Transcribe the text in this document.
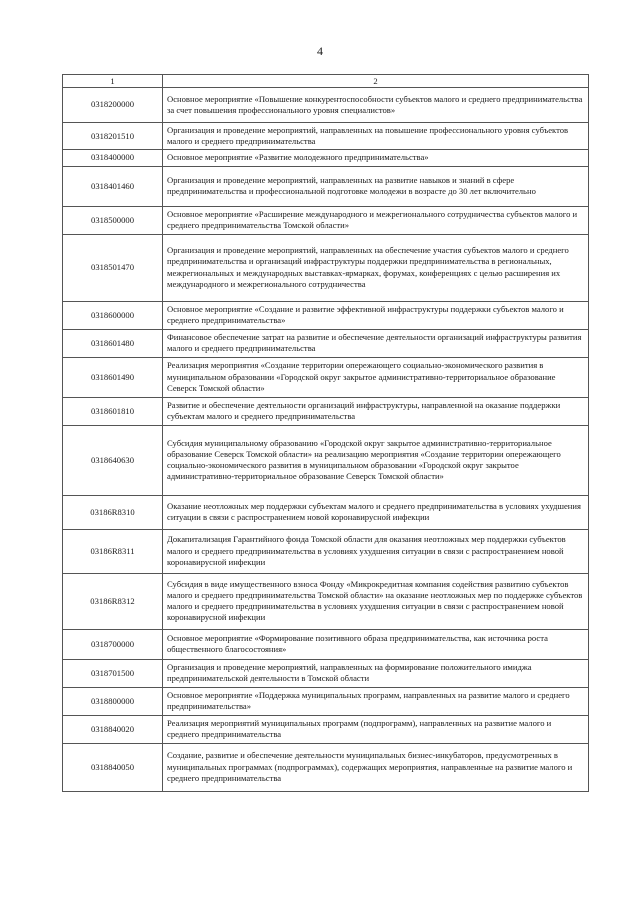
4
1	2
0318200000	Основное мероприятие «Повышение конкурентоспособности субъектов малого и среднего предпринимательства за счет повышения профессионального уровня специалистов»
0318201510	Организация и проведение мероприятий, направленных на повышение профессионального уровня субъектов малого и среднего предпринимательства
0318400000	Основное мероприятие «Развитие молодежного предпринимательства»
0318401460	Организация и проведение мероприятий, направленных на развитие навыков и знаний в сфере предпринимательства и профессиональной подготовке молодежи в возрасте до 30 лет включительно
0318500000	Основное мероприятие «Расширение международного и межрегионального сотрудничества субъектов малого и среднего предпринимательства Томской области»
0318501470	Организация и проведение мероприятий, направленных на обеспечение участия субъектов малого и среднего предпринимательства и организаций инфраструктуры поддержки предпринимательства в региональных, межрегиональных и международных выставках-ярмарках, форумах, конференциях с целью расширения их международного и межрегионального сотрудничества
0318600000	Основное мероприятие «Создание и развитие эффективной инфраструктуры поддержки субъектов малого и среднего предпринимательства»
0318601480	Финансовое обеспечение затрат на развитие и обеспечение деятельности организаций инфраструктуры развития малого и среднего предпринимательства
0318601490	Реализация мероприятия «Создание территории опережающего социально-экономического развития в муниципальном образовании «Городской округ закрытое административно-территориальное образование Северск Томской области»
0318601810	Развитие и обеспечение деятельности организаций инфраструктуры, направленной на оказание поддержки субъектам малого и среднего предпринимательства
0318640630	Субсидия муниципальному образованию «Городской округ закрытое административно-территориальное образование Северск Томской области» на реализацию мероприятия «Создание территории опережающего социально-экономического развития в муниципальном образовании «Городской округ закрытое административно-территориальное образование Северск Томской области»
03186R8310	Оказание неотложных мер поддержки субъектам малого и среднего предпринимательства в условиях ухудшения ситуации в связи с распространением новой коронавирусной инфекции
03186R8311	Докапитализация Гарантийного фонда Томской области для оказания неотложных мер поддержки субъектов малого и среднего предпринимательства в условиях ухудшения ситуации в связи с распространением новой коронавирусной инфекции
03186R8312	Субсидия в виде имущественного взноса Фонду «Микрокредитная компания содействия развитию субъектов малого и среднего предпринимательства Томской области» на оказание неотложных мер по поддержке субъектов малого и среднего предпринимательства в условиях ухудшения ситуации в связи с распространением новой коронавирусной инфекции
0318700000	Основное мероприятие «Формирование позитивного образа предпринимательства, как источника роста общественного благосостояния»
0318701500	Организация и проведение мероприятий, направленных на формирование положительного имиджа предпринимательской деятельности в Томской области
0318800000	Основное мероприятие «Поддержка муниципальных программ, направленных на развитие малого и среднего предпринимательства»
0318840020	Реализация мероприятий муниципальных программ (подпрограмм), направленных на развитие малого и среднего предпринимательства
0318840050	Создание, развитие и обеспечение деятельности муниципальных бизнес-инкубаторов, предусмотренных в муниципальных программах (подпрограммах), содержащих мероприятия, направленные на развитие малого и среднего предпринимательства
